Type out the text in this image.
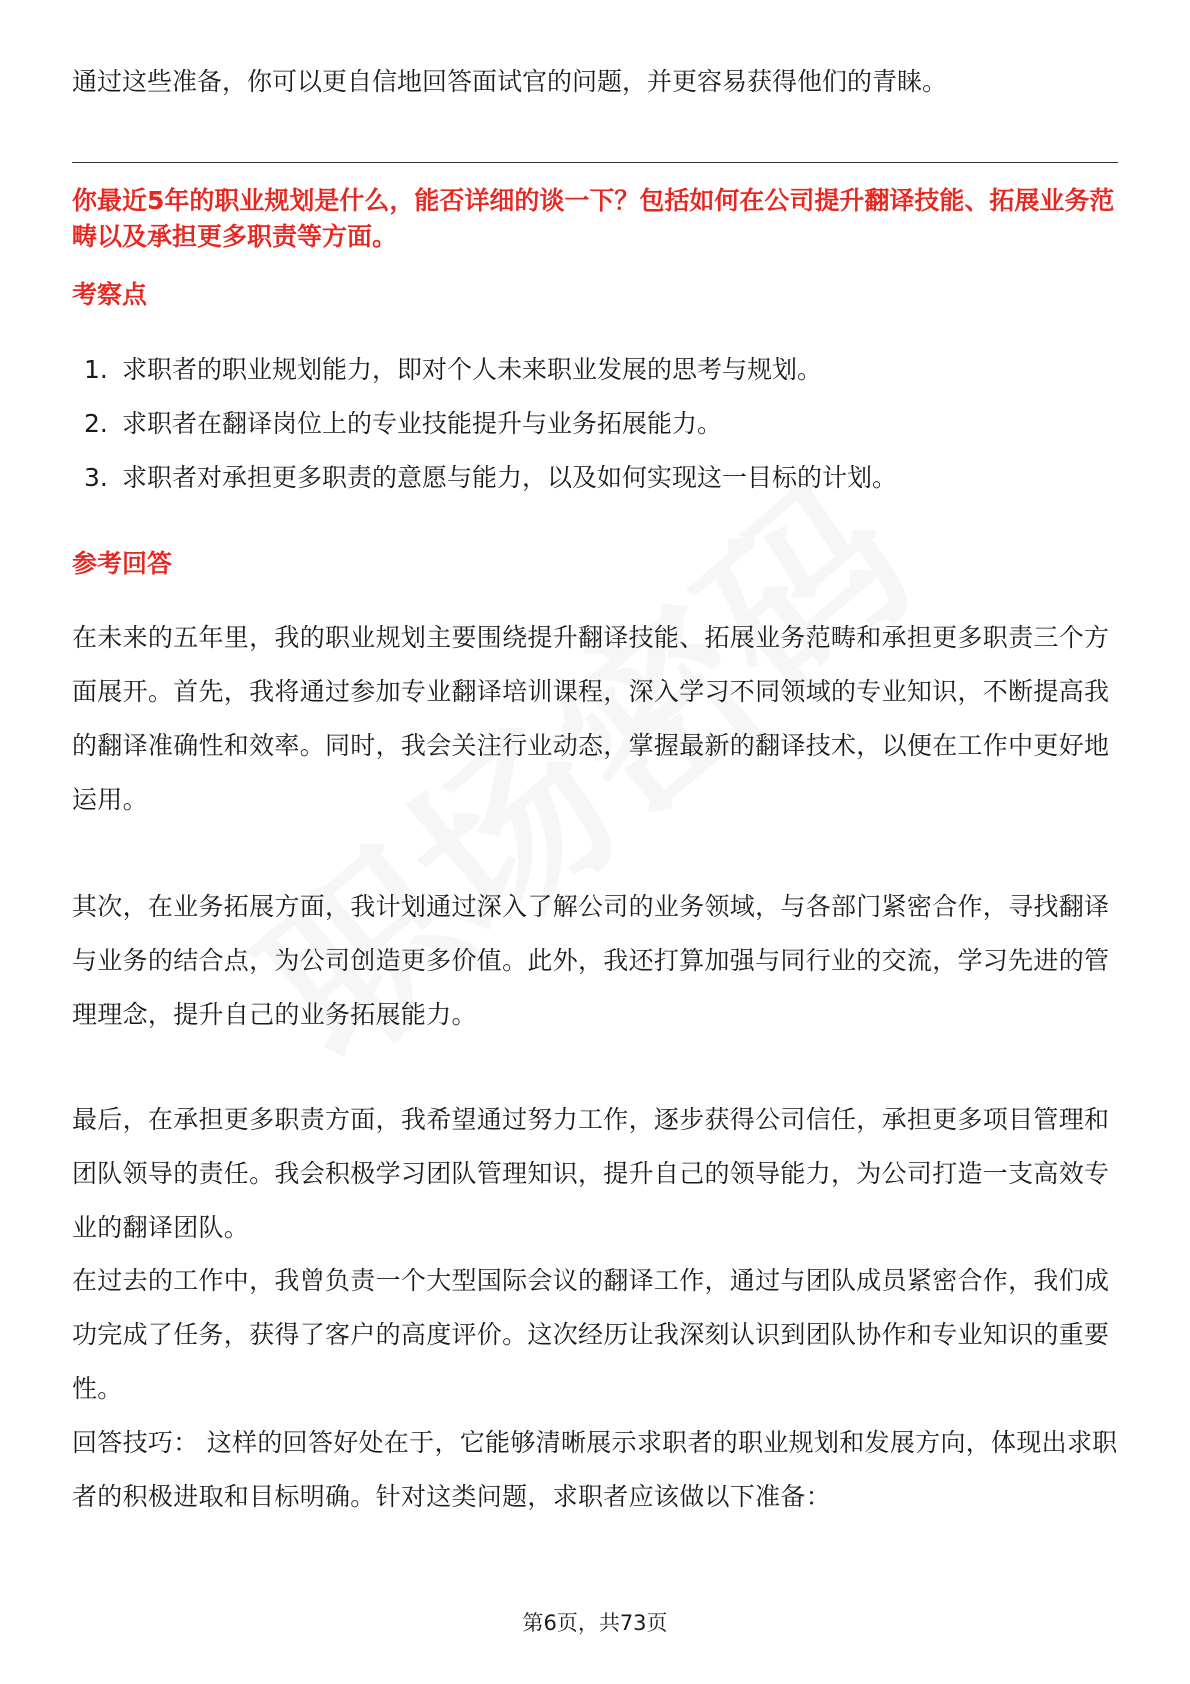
通过这些准备，你可以更自信地回答面试官的问题，并更容易获得他们的青睐。

你最近5年的职业规划是什么，能否详细的谈一下？包括如何在公司提升翻译技能、拓展业务范畴以及承担更多职责等方面。

考察点

1. 求职者的职业规划能力，即对个人未来职业发展的思考与规划。
2. 求职者在翻译岗位上的专业技能提升与业务拓展能力。
3. 求职者对承担更多职责的意愿与能力，以及如何实现这一目标的计划。

参考回答

在未来的五年里，我的职业规划主要围绕提升翻译技能、拓展业务范畴和承担更多职责三个方面展开。首先，我将通过参加专业翻译培训课程，深入学习不同领域的专业知识，不断提高我的翻译准确性和效率。同时，我会关注行业动态，掌握最新的翻译技术，以便在工作中更好地运用。

其次，在业务拓展方面，我计划通过深入了解公司的业务领域，与各部门紧密合作，寻找翻译与业务的结合点，为公司创造更多价值。此外，我还打算加强与同行业的交流，学习先进的管理理念，提升自己的业务拓展能力。

最后，在承担更多职责方面，我希望通过努力工作，逐步获得公司信任，承担更多项目管理和团队领导的责任。我会积极学习团队管理知识，提升自己的领导能力，为公司打造一支高效专业的翻译团队。

在过去的工作中，我曾负责一个大型国际会议的翻译工作，通过与团队成员紧密合作，我们成功完成了任务，获得了客户的高度评价。这次经历让我深刻认识到团队协作和专业知识的重要性。

回答技巧： 这样的回答好处在于，它能够清晰展示求职者的职业规划和发展方向，体现出求职者的积极进取和目标明确。针对这类问题，求职者应该做以下准备：

第6页，共73页
